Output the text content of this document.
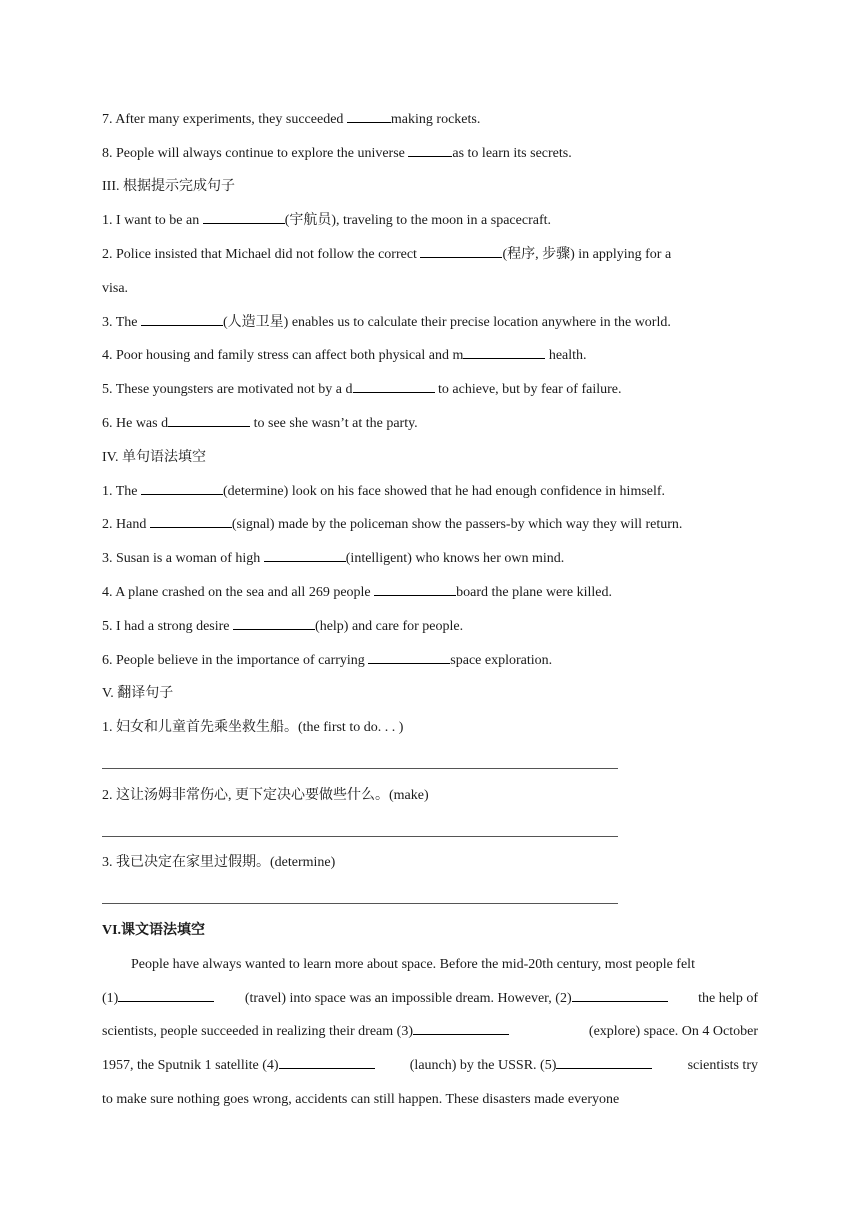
7. After many experiments, they succeeded	making rockets.
8. People will always continue to explore the universe	as to learn its secrets.
III. 根据提示完成句子
1. I want to be an	(宇航员), traveling to the moon in a spacecraft.
2. Police insisted that Michael did not follow the correct	(程序, 步骤) in applying for a
visa.
3. The	(人造卫星) enables us to calculate their precise location anywhere in the world.
4. Poor housing and family stress can affect both physical and m	health.
5. These youngsters are motivated not by a d	to achieve, but by fear of failure.
6. He was d	to see she wasn’t at the party.
IV. 单句语法填空
1. The	(determine) look on his face showed that he had enough confidence in himself.
2. Hand	(signal) made by the policeman show the passers-by which way they will return.
3. Susan is a woman of high	(intelligent) who knows her own mind.
4. A plane crashed on the sea and all 269 people	board the plane were killed.
5. I had a strong desire	(help) and care for people.
6. People believe in the importance of carrying	space exploration.
V. 翻译句子
1. 妇女和儿童首先乘坐救生船。(the first to do. . . )
2. 这让汤姆非常伤心, 更下定决心要做些什么。(make)
3. 我已决定在家里过假期。(determine)
VI.课文语法填空
People have always wanted to learn more about space. Before the mid-20th century, most people felt
(1)	(travel) into space was an impossible dream. However, (2)	the help of
scientists, people succeeded in realizing their dream (3)	(explore) space. On 4 October
1957, the Sputnik 1 satellite (4)	(launch) by the USSR. (5)	scientists try
to make sure nothing goes wrong, accidents can still happen. These disasters made everyone
